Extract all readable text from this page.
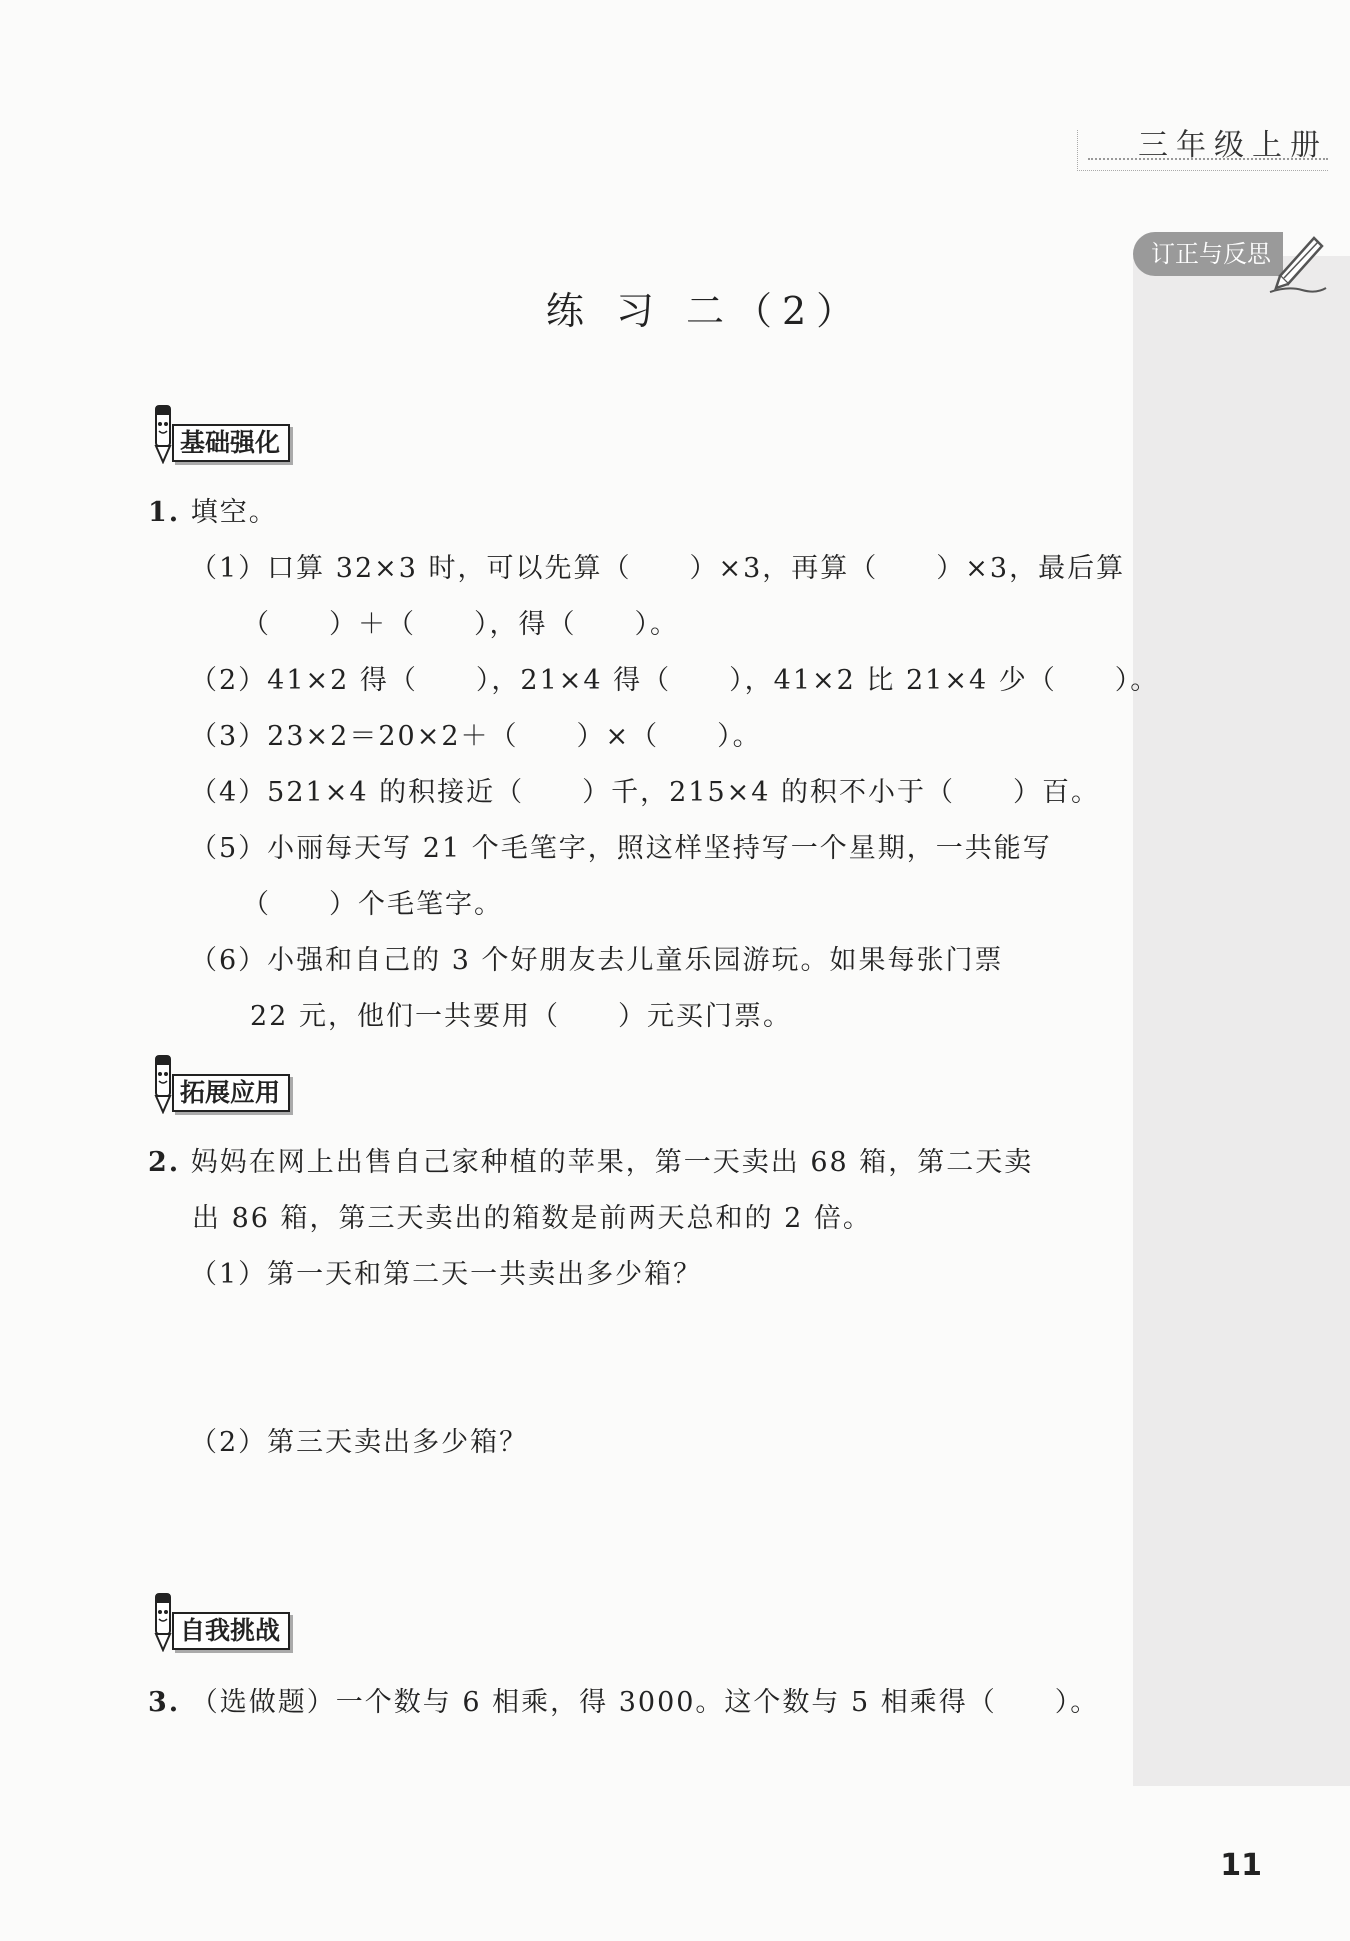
三年级上册
订正与反思
练 习 二（2）
基础强化
1. 填空。
（1）口算 32×3 时，可以先算（　　）×3，再算（　　）×3，最后算
（　　）＋（　　），得（　　）。
（2）41×2 得（　　），21×4 得（　　），41×2 比 21×4 少（　　）。
（3）23×2＝20×2＋（　　）×（　　）。
（4）521×4 的积接近（　　）千，215×4 的积不小于（　　）百。
（5）小丽每天写 21 个毛笔字，照这样坚持写一个星期，一共能写
（　　）个毛笔字。
（6）小强和自己的 3 个好朋友去儿童乐园游玩。如果每张门票
22 元，他们一共要用（　　）元买门票。
拓展应用
2. 妈妈在网上出售自己家种植的苹果，第一天卖出 68 箱，第二天卖
出 86 箱，第三天卖出的箱数是前两天总和的 2 倍。
（1）第一天和第二天一共卖出多少箱？
（2）第三天卖出多少箱？
自我挑战
3. （选做题）一个数与 6 相乘，得 3000。这个数与 5 相乘得（　　）。
11
